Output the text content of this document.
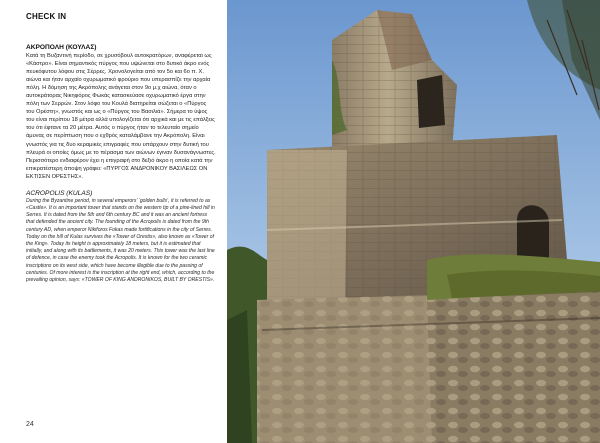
CHECK IN
ΑΚΡΟΠΟΛΗ (ΚΟΥΛΑΣ)

Κατά τη Βυζαντινή περίοδο, σε χρυσόβουλ αυτοκρατόρων, αναφέρεται ως «Κάστρο». Είναι σημαντικός πύργος που υψώνεται στο δυτικό άκρο ενός πευκόφυτου λόφου στις Σέρρες. Χρονολογείται από τον 5ο και 6ο π. Χ. αιώνα και ήταν αρχαίο οχυρωματικό φρούριο που υπερασπίζε την αρχαία πόλη. Η δόμηση της Ακρόπολης ανάγεται στον 9ο μ.χ αιώνα, όταν ο αυτοκράτορας Νικηφόρος Φωκάς κατασκεύασε οχυρωματικό έργα στην πόλη των Σερρών. Στον λόφο του Κουλά διατηρείται σώζεται ο «Πύργος του Ορέστη», γνωστός και ως ο «Πύργος του Βασιλιά». Σήμερα το ύψος του είναι περίπου 18 μέτρα αλλά υπολογίζεται ότι αρχικά και με τις επάλξεις του ότι έφτανε τα 20 μέτρα. Αυτός ο πύργος ήταν το τελευταίο σημείο άμυνας σε περίπτωση που ο εχθρός καταλάμβανε την Ακρόπολη. Είναι γνωστός για τις δυο κεραμικές επιγραφές που υπάρχουν στην δυτική του πλευρά οι οποίες όμως με το πέρασμα των αιώνων έγιναν δυσανάγνωστες. Περισσότερο ενδιαφέρον έχει η επιγραφή στο δεξιό άκρο η οποία κατά την επικρατέστερη άποψη γράφει: «ΠΥΡΓΟΣ ΑΝΔΡΟΝΙΚΟΥ ΒΑΣΙΛΕΩΣ ΟΝ ΕΚΤΙΣΕΝ ΟΡΕΣΤΗΣ».

ACROPOLIS (KULAS)

During the Byzantine period, in several emperors’ ‘golden bulls’, it is referred to as «Castle». It is an important tower that stands on the western tip of a pine-lined hill in Serres. It is dated from the 5th and 6th century BC and it was an ancient fortress that defended the ancient city. The founding of the Acropolis is dated from the 9th century AD, when emperor Nikiforos Fokas made fortifications in the city of Serres. Today on the hill of Kulas survives the «Tower of Orestis», also known as «Tower of the King». Today its height is approximately 18 meters, but it is estimated that initially, and along with its battlements, it was 20 meters. This tower was the last line of defence, in case the enemy took the Acropolis. It is known for the two ceramic inscriptions on its west side, which have become illegible due to the passing of centuries. Of more interest is the inscription at the right end, which, according to the prevailing opinion, says: «TOWER OF KING ANDRONIKOS, BUILT BY ORESTIS».

24
